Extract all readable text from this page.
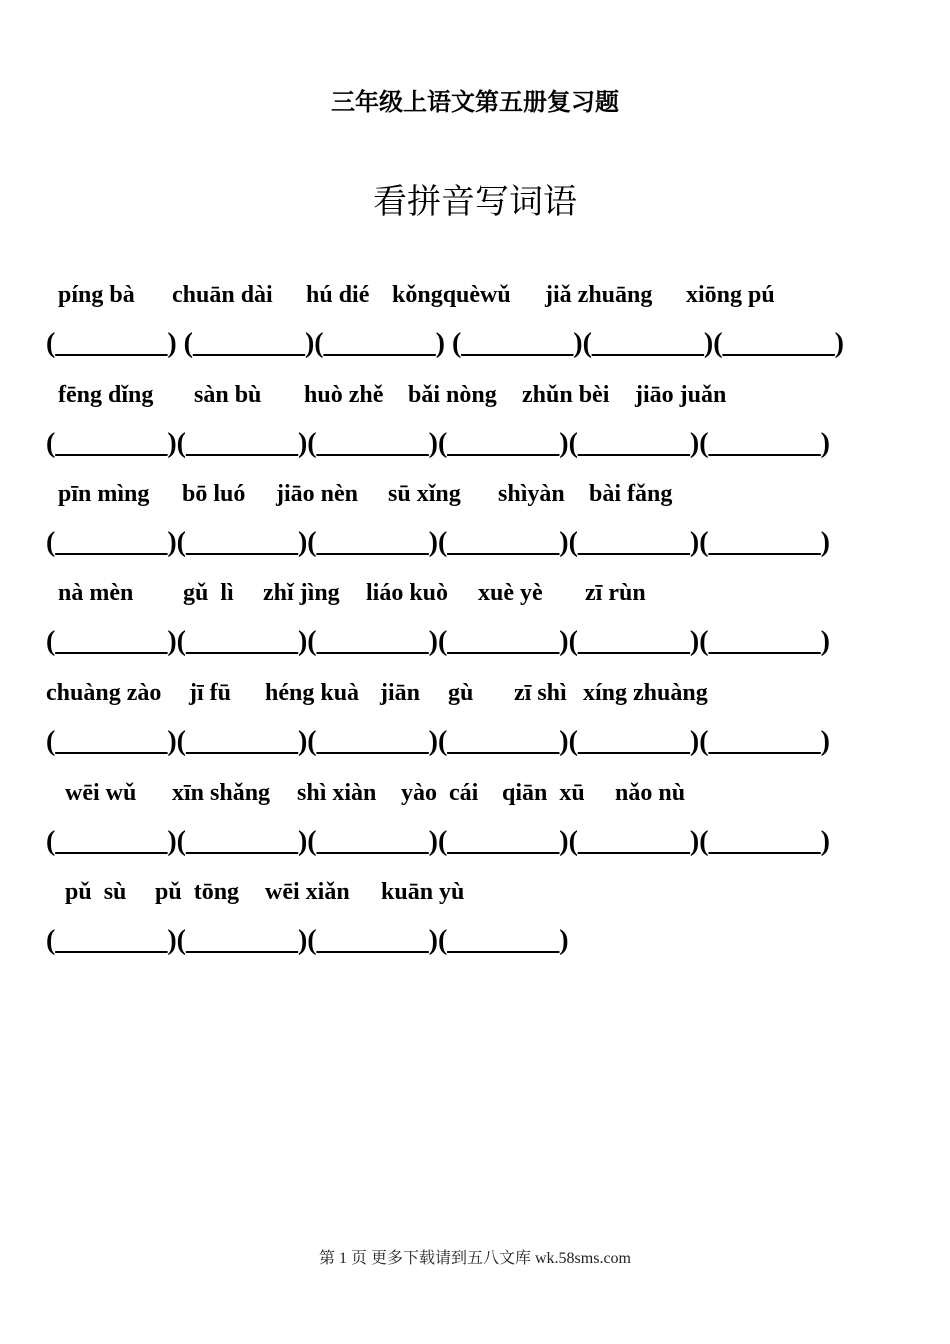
三年级上语文第五册复习题
看拼音写词语

píng bà

chuān dài

hú dié

kǒngquèwǔ

jiǎ zhuāng

xiōng pú

(________) (________)(________) (________)(________)(________)

fēng dǐng

sàn bù

huò zhě

bǎi nòng

zhǔn bèi

jiāo juǎn

(________)(________)(________)(________)(________)(________)

pīn mìng

bō luó

jiāo nèn

sū xǐng

shìyàn

bài fǎng

(________)(________)(________)(________)(________)(________)

nà mèn

gǔ  lì

zhǐ jìng

liáo kuò

xuè yè

zī rùn

(________)(________)(________)(________)(________)(________)

chuàng zào

jī fū

héng kuà

jiān

gù

zī shì

xíng zhuàng

(________)(________)(________)(________)(________)(________)

wēi wǔ

xīn shǎng

shì xiàn

yào  cái

qiān  xū

nǎo nù

(________)(________)(________)(________)(________)(________)

pǔ  sù

pǔ  tōng

wēi xiǎn

kuān yù

(________)(________)(________)(________)
第 1 页 更多下载请到五八文库 wk.58sms.com
